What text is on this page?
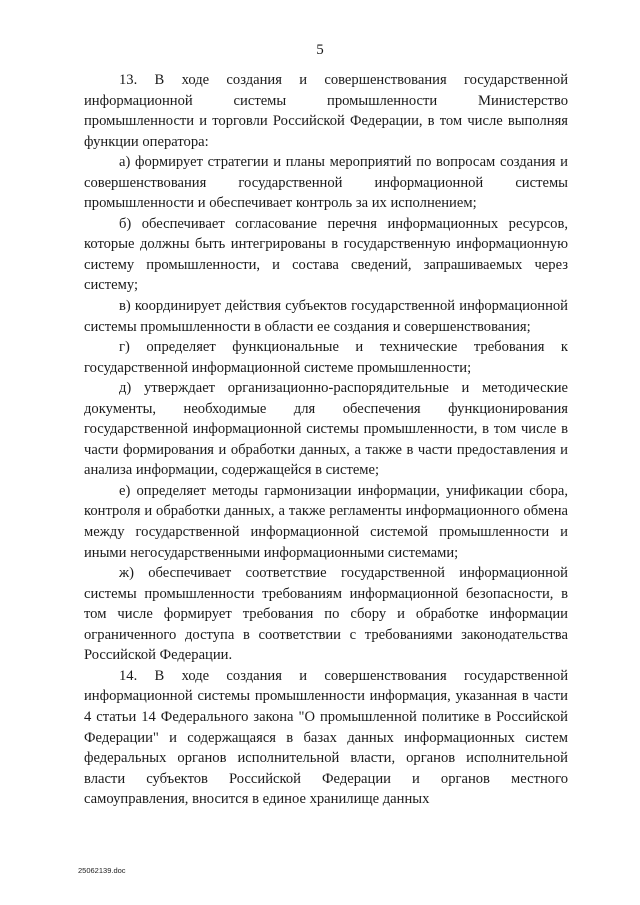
5

13. В ходе создания и совершенствования государственной информационной системы промышленности Министерство промышленности и торговли Российской Федерации, в том числе выполняя функции оператора:

а) формирует стратегии и планы мероприятий по вопросам создания и совершенствования государственной информационной системы промышленности и обеспечивает контроль за их исполнением;

б) обеспечивает согласование перечня информационных ресурсов, которые должны быть интегрированы в государственную информационную систему промышленности, и состава сведений, запрашиваемых через систему;

в) координирует действия субъектов государственной информационной системы промышленности в области ее создания и совершенствования;

г) определяет функциональные и технические требования к государственной информационной системе промышленности;

д) утверждает организационно-распорядительные и методические документы, необходимые для обеспечения функционирования государственной информационной системы промышленности, в том числе в части формирования и обработки данных, а также в части предоставления и анализа информации, содержащейся в системе;

е) определяет методы гармонизации информации, унификации сбора, контроля и обработки данных, а также регламенты информационного обмена между государственной информационной системой промышленности и иными негосударственными информационными системами;

ж) обеспечивает соответствие государственной информационной системы промышленности требованиям информационной безопасности, в том числе формирует требования по сбору и обработке информации ограниченного доступа в соответствии с требованиями законодательства Российской Федерации.

14. В ходе создания и совершенствования государственной информационной системы промышленности информация, указанная в части 4 статьи 14 Федерального закона "О промышленной политике в Российской Федерации" и содержащаяся в базах данных информационных систем федеральных органов исполнительной власти, органов исполнительной власти субъектов Российской Федерации и органов местного самоуправления, вносится в единое хранилище данных

25062139.doc
